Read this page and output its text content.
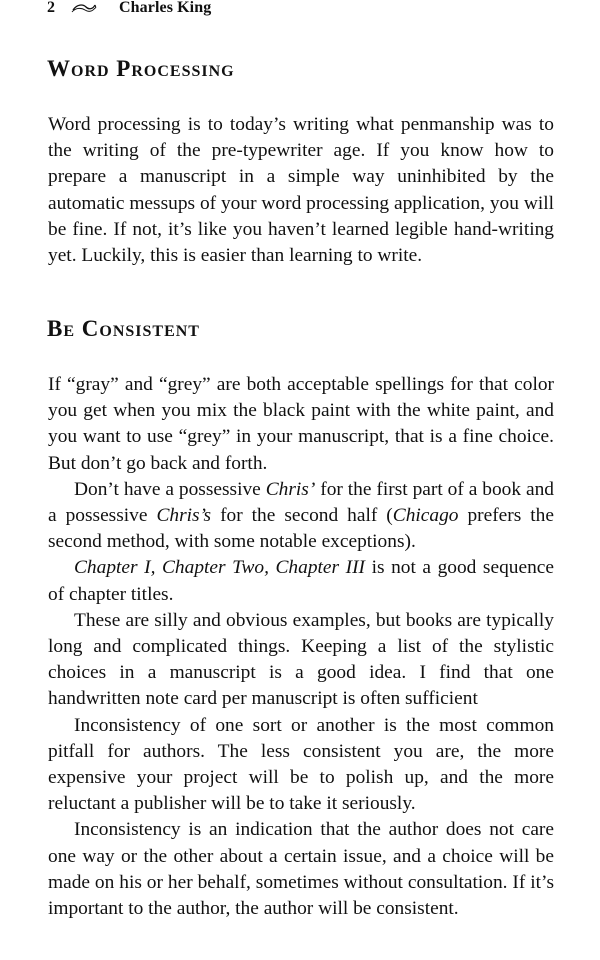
2	Charles King
Word Processing

Word processing is to today’s writing what penmanship was to the writing of the pre-typewriter age. If you know how to prepare a manuscript in a simple way uninhibited by the automatic messups of your word processing application, you will be fine. If not, it’s like you haven’t learned legible hand-writing yet. Luckily, this is easier than learning to write.

Be Consistent

If “gray” and “grey” are both acceptable spellings for that color you get when you mix the black paint with the white paint, and you want to use “grey” in your manuscript, that is a fine choice. But don’t go back and forth.

Don’t have a possessive Chris’ for the first part of a book and a possessive Chris’s for the second half (Chicago prefers the second method, with some notable exceptions).

Chapter I, Chapter Two, Chapter III is not a good sequence of chapter titles.

These are silly and obvious examples, but books are typically long and complicated things. Keeping a list of the stylistic choices in a manuscript is a good idea. I find that one handwritten note card per manuscript is often sufficient

Inconsistency of one sort or another is the most common pitfall for authors. The less consistent you are, the more expensive your project will be to polish up, and the more reluctant a publisher will be to take it seriously.

Inconsistency is an indication that the author does not care one way or the other about a certain issue, and a choice will be made on his or her behalf, sometimes without consultation. If it’s important to the author, the author will be consistent.
